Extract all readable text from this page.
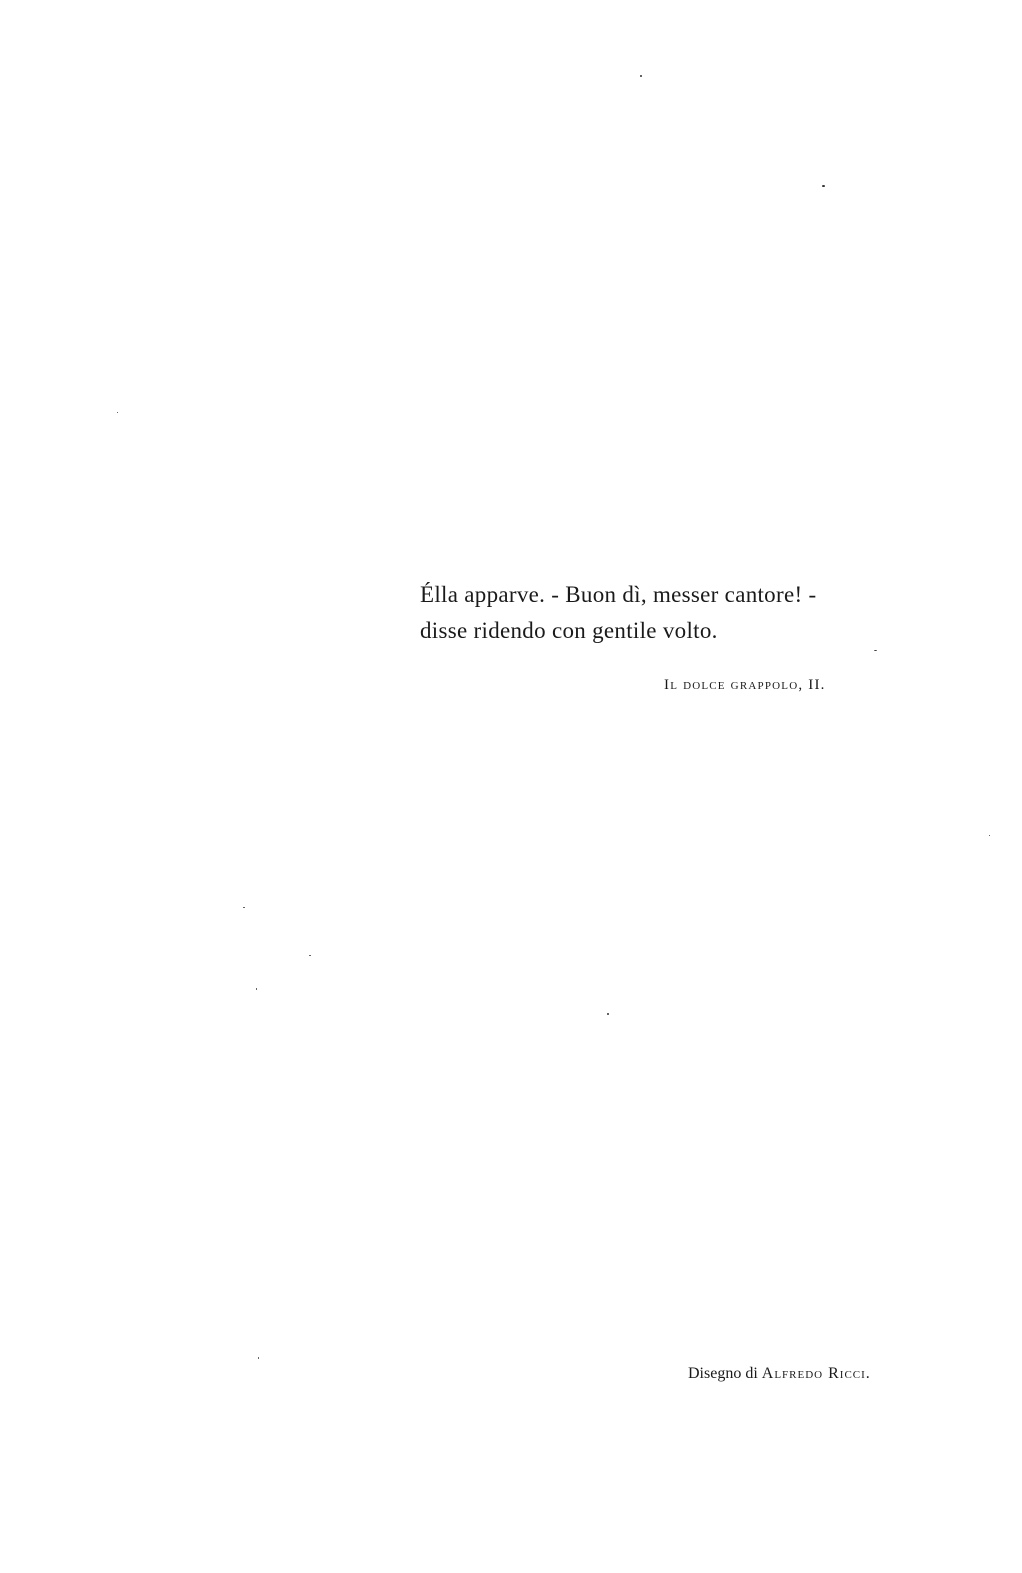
Élla apparve. - Buon dì, messer cantore! -

disse ridendo con gentile volto.

Il dolce grappolo, II.
Disegno di Alfredo Ricci.
